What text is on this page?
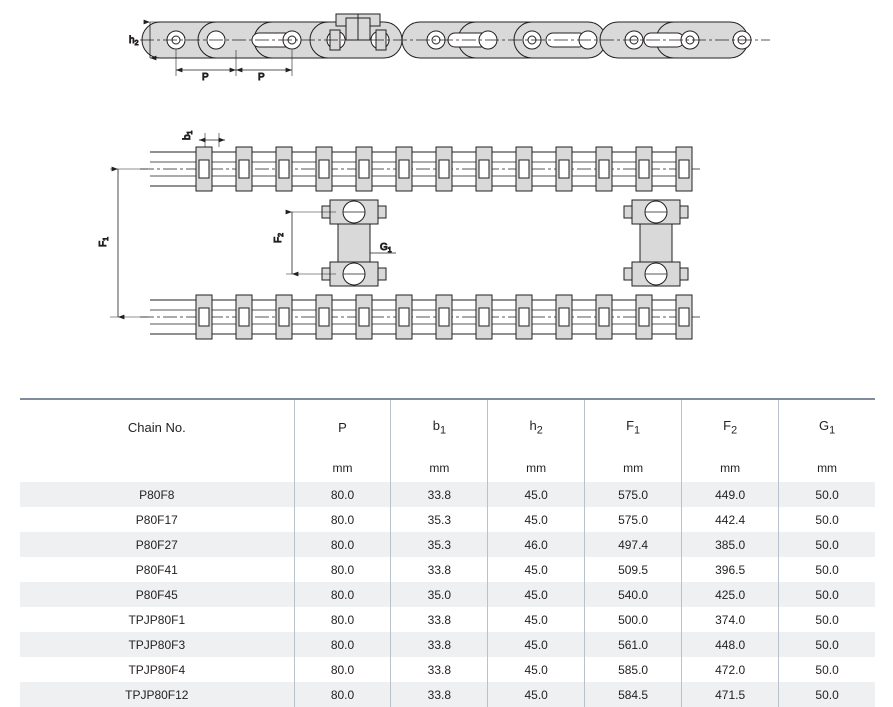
$h_2$
P	P
$b_1$
$F_1$	$F_2$
$G_1$
Chain No.	P	$b_1$	$h_2$	$F_1$	$F_2$	$G_1$
	mm	mm	mm	mm	mm	mm
P80F8	80.0	33.8	45.0	575.0	449.0	50.0
P80F17	80.0	35.3	45.0	575.0	442.4	50.0
P80F27	80.0	35.3	46.0	497.4	385.0	50.0
P80F41	80.0	33.8	45.0	509.5	396.5	50.0
P80F45	80.0	35.0	45.0	540.0	425.0	50.0
TPJP80F1	80.0	33.8	45.0	500.0	374.0	50.0
TPJP80F3	80.0	33.8	45.0	561.0	448.0	50.0
TPJP80F4	80.0	33.8	45.0	585.0	472.0	50.0
TPJP80F12	80.0	33.8	45.0	584.5	471.5	50.0
